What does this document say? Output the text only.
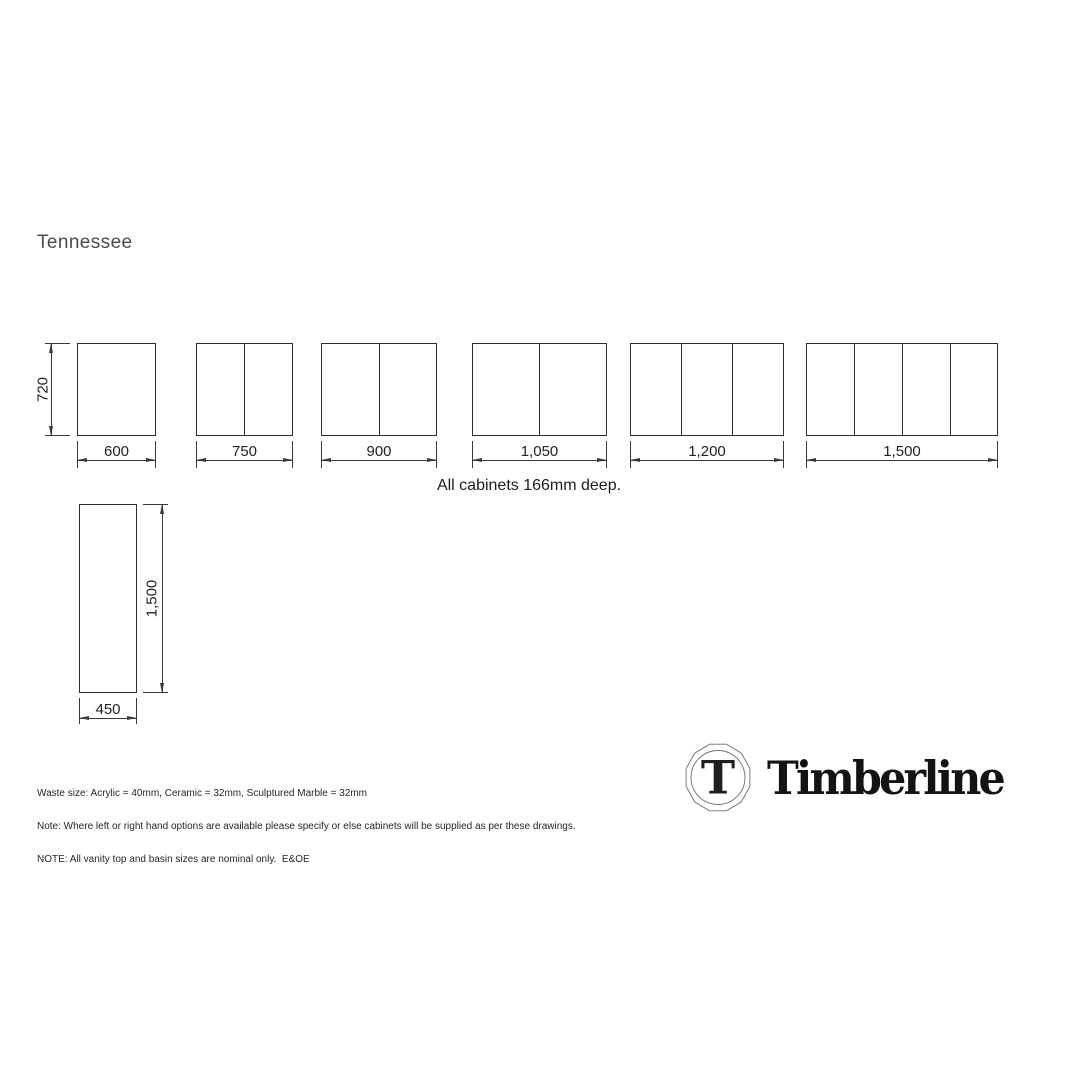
Tennessee
600	750	900	1,050	1,200	1,500
720
1,500
450
All cabinets 166mm deep.

Waste size: Acrylic = 40mm, Ceramic = 32mm, Sculptured Marble = 32mm

Note: Where left or right hand options are available please specify or else cabinets will be supplied as per these drawings.

NOTE: All vanity top and basin sizes are nominal only.  E&OE

T Timberline
